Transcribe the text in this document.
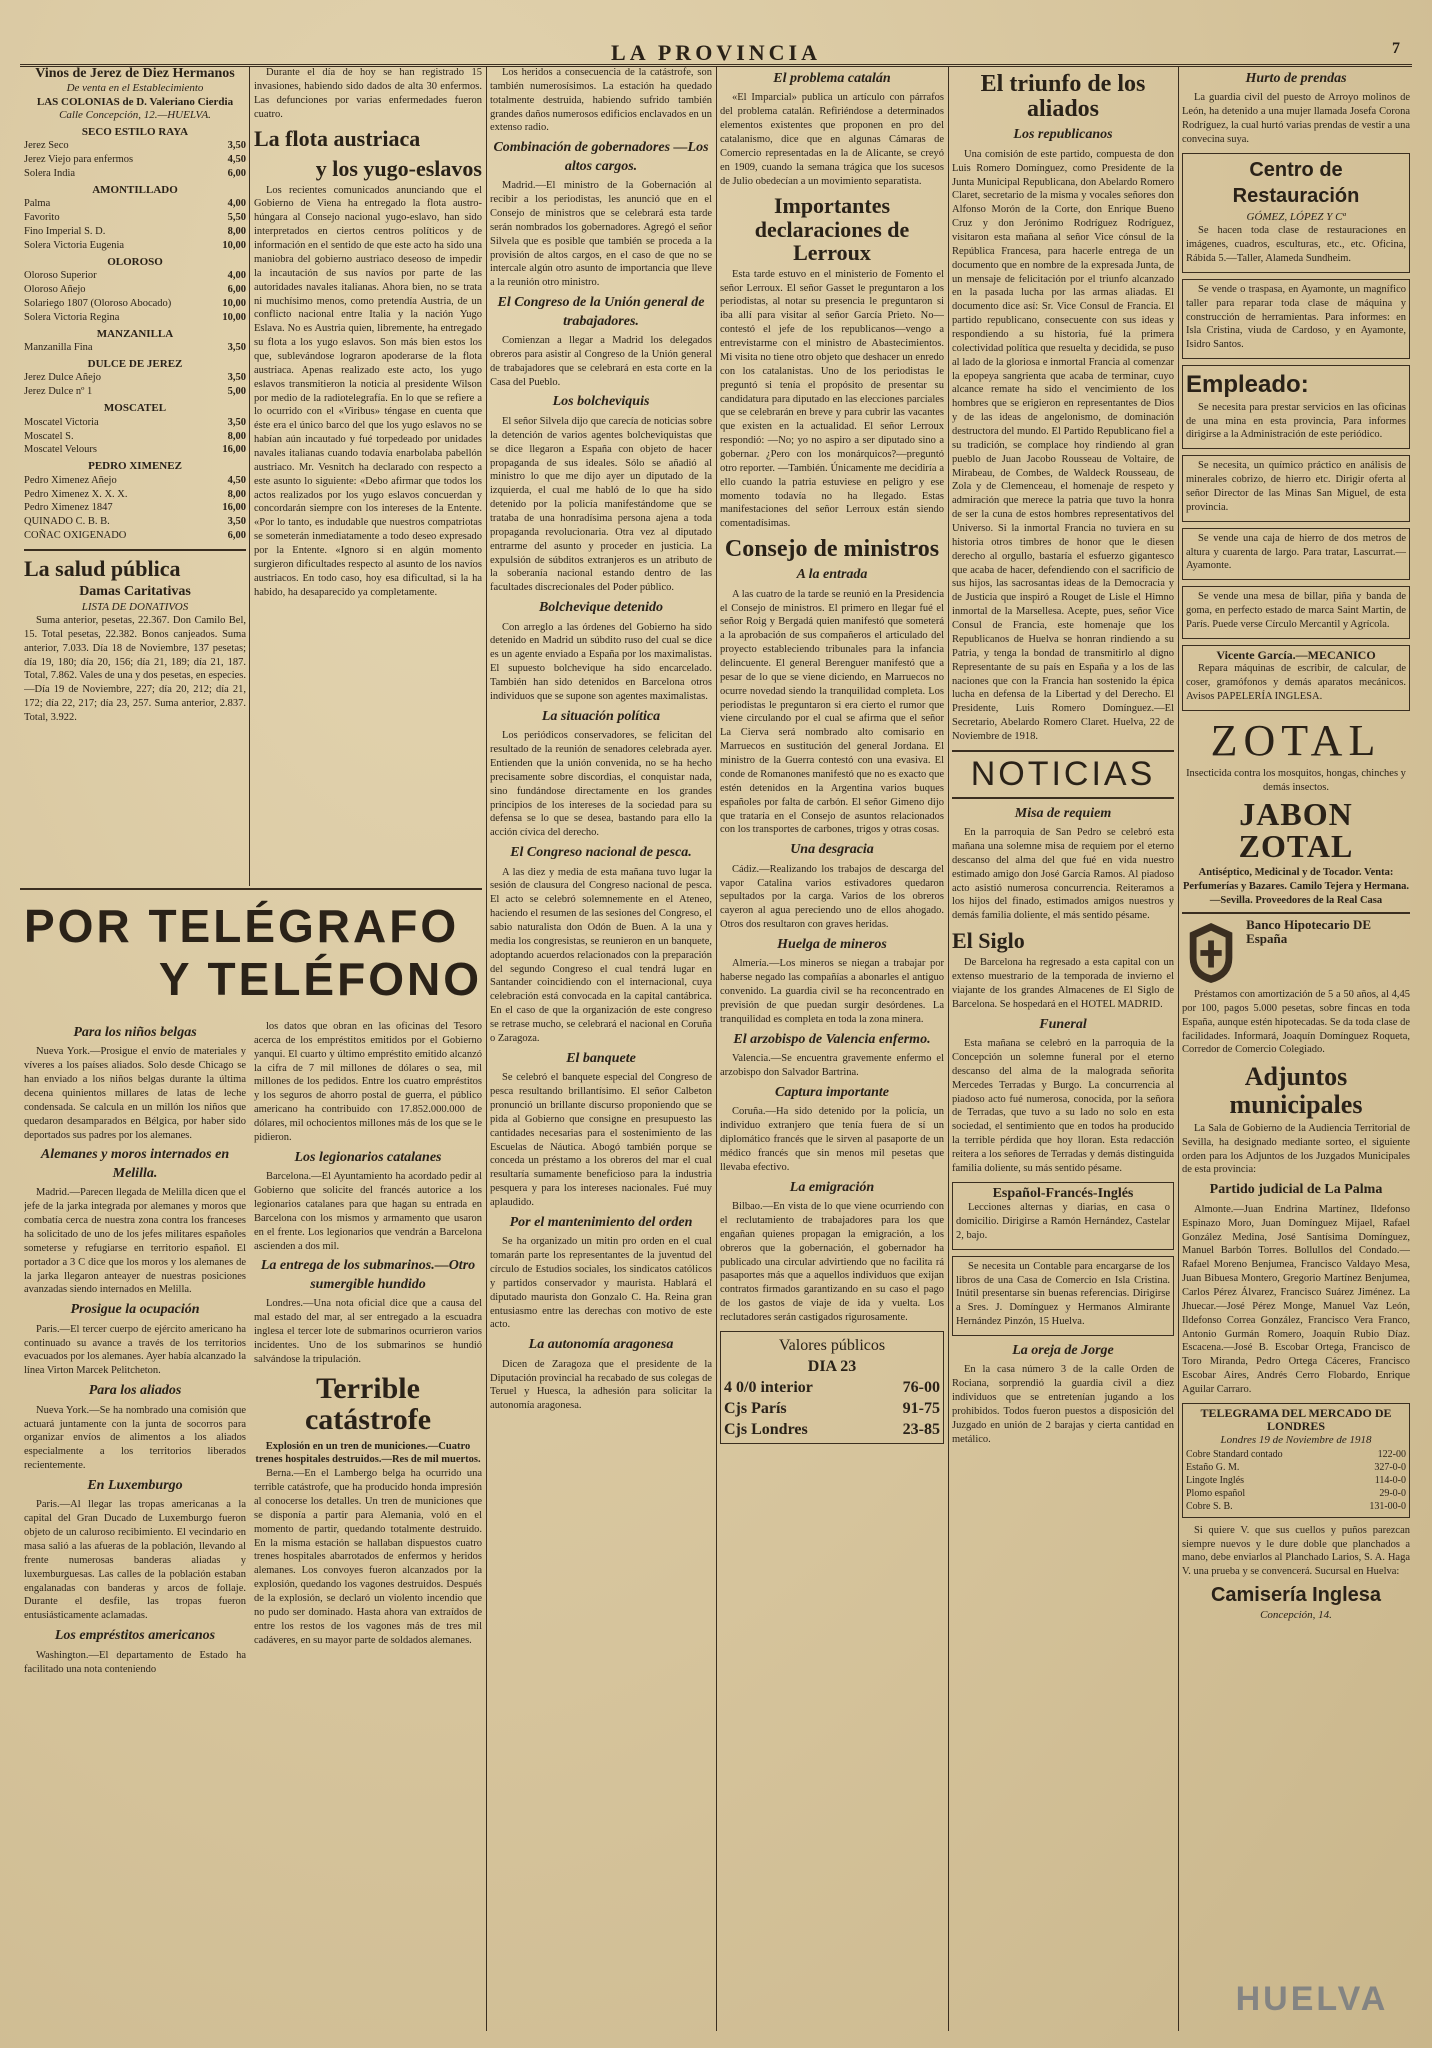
LA PROVINCIA	7
Vinos de Jerez de Diez Hermanos
De venta en el Establecimiento
LAS COLONIAS de D. Valeriano Cierdia
Calle Concepción, 12.—HUELVA.
SECO ESTILO RAYA
Jerez Seco	3,50
Jerez Viejo para enfermos	4,50
Solera India	6,00
AMONTILLADO
Palma	4,00
Favorito	5,50
Fino Imperial S. D.	8,00
Solera Victoria Eugenia	10,00
OLOROSO
Oloroso Superior	4,00
Oloroso Añejo	6,00
Solariego 1807 (Oloroso Abocado)	10,00
Solera Victoria Regina	10,00
MANZANILLA
Manzanilla Fina	3,50
DULCE DE JEREZ
Jerez Dulce Añejo	3,50
Jerez Dulce nº 1	5,00
MOSCATEL
Moscatel Victoria	3,50
Moscatel S.	8,00
Moscatel Velours	16,00
PEDRO XIMENEZ
Pedro Ximenez Añejo	4,50
Pedro Ximenez X. X. X.	8,00
Pedro Ximenez 1847	16,00
QUINADO C. B. B.	3,50
COÑAC OXIGENADO	6,00
La salud pública
Damas Caritativas
LISTA DE DONATIVOS

Suma anterior, pesetas, 22.367. Don Camilo Bel, 15. Total pesetas, 22.382. Bonos canjeados. Suma anterior, 7.033. Día 18 de Noviembre, 137 pesetas; día 19, 180; día 20, 156; día 21, 189; día 21, 187. Total, 7.862. Vales de una y dos pesetas, en especies.—Día 19 de Noviembre, 227; día 20, 212; día 21, 172; día 22, 217; día 23, 257. Suma anterior, 2.837. Total, 3.922.

Durante el día de hoy se han registrado 15 invasiones, habiendo sido dados de alta 30 enfermos. Las defunciones por varias enfermedades fueron cuatro.

La flota austriaca
y los yugo-eslavos

Los recientes comunicados anunciando que el Gobierno de Viena ha entregado la flota austro-húngara al Consejo nacional yugo-eslavo, han sido interpretados en ciertos centros políticos y de información en el sentido de que este acto ha sido una maniobra del gobierno austriaco deseoso de impedir la incautación de sus navíos por parte de las autoridades navales italianas. Ahora bien, no se trata ni muchísimo menos, como pretendía Austria, de un conflicto nacional entre Italia y la nación Yugo Eslava. No es Austria quien, libremente, ha entregado su flota a los yugo eslavos. Son más bien estos los que, sublevándose lograron apoderarse de la flota austriaca. Apenas realizado este acto, los yugo eslavos transmitieron la noticia al presidente Wilson por medio de la radiotelegrafía. En lo que se refiere a lo ocurrido con el «Viribus» téngase en cuenta que éste era el único barco del que los yugo eslavos no se habían aún incautado y fué torpedeado por unidades navales italianas cuando todavía enarbolaba pabellón austriaco. Mr. Vesnitch ha declarado con respecto a este asunto lo siguiente: «Debo afirmar que todos los actos realizados por los yugo eslavos concuerdan y concordarán siempre con los intereses de la Entente. «Por lo tanto, es indudable que nuestros compatriotas se someterán inmediatamente a todo deseo expresado por la Entente. «Ignoro si en algún momento surgieron dificultades respecto al asunto de los navíos austriacos. En todo caso, hoy esa dificultad, si la ha habido, ha desaparecido ya completamente.

POR TELÉGRAFO
Y TELÉFONO
Para los niños belgas

Nueva York.—Prosigue el envío de materiales y víveres a los países aliados. Solo desde Chicago se han enviado a los niños belgas durante la última decena quinientos millares de latas de leche condensada. Se calcula en un millón los niños que quedaron desamparados en Bélgica, por haber sido deportados sus padres por los alemanes.

Alemanes y moros internados en Melilla.

Madrid.—Parecen llegada de Melilla dicen que el jefe de la jarka integrada por alemanes y moros que combatía cerca de nuestra zona contra los franceses ha solicitado de uno de los jefes militares españoles someterse y refugiarse en territorio español. El portador a 3 C dice que los moros y los alemanes de la jarka llegaron anteayer de nuestras posiciones avanzadas siendo internados en Melilla.

Prosigue la ocupación

Paris.—El tercer cuerpo de ejército americano ha continuado su avance a través de los territorios evacuados por los alemanes. Ayer había alcanzado la línea Virton Marcek Pelitcheton.

Para los aliados

Nueva York.—Se ha nombrado una comisión que actuará juntamente con la junta de socorros para organizar envíos de alimentos a los aliados especialmente a los territorios liberados recientemente.

En Luxemburgo

Paris.—Al llegar las tropas americanas a la capital del Gran Ducado de Luxemburgo fueron objeto de un caluroso recibimiento. El vecindario en masa salió a las afueras de la población, llevando al frente numerosas banderas aliadas y luxemburguesas. Las calles de la población estaban engalanadas con banderas y arcos de follaje. Durante el desfile, las tropas fueron entusiásticamente aclamadas.

Los empréstitos americanos

Washington.—El departamento de Estado ha facilitado una nota conteniendo

los datos que obran en las oficinas del Tesoro acerca de los empréstitos emitidos por el Gobierno yanqui. El cuarto y último empréstito emitido alcanzó la cifra de 7 mil millones de dólares o sea, mil millones de los pedidos. Entre los cuatro empréstitos y los seguros de ahorro postal de guerra, el público americano ha contribuido con 17.852.000.000 de dólares, mil ochocientos millones más de los que se le pidieron.

Los legionarios catalanes

Barcelona.—El Ayuntamiento ha acordado pedir al Gobierno que solicite del francés autorice a los legionarios catalanes para que hagan su entrada en Barcelona con los mismos y armamento que usaron en el frente. Los legionarios que vendrán a Barcelona ascienden a dos mil.

La entrega de los submarinos.—Otro sumergible hundido

Londres.—Una nota oficial dice que a causa del mal estado del mar, al ser entregado a la escuadra inglesa el tercer lote de submarinos ocurrieron varios incidentes. Uno de los submarinos se hundió salvándose la tripulación.

Terrible catástrofe
Explosión en un tren de municiones.—Cuatro trenes hospitales destruidos.—Res de mil muertos.

Berna.—En el Lambergo belga ha ocurrido una terrible catástrofe, que ha producido honda impresión al conocerse los detalles. Un tren de municiones que se disponía a partir para Alemania, voló en el momento de partir, quedando totalmente destruido. En la misma estación se hallaban dispuestos cuatro trenes hospitales abarrotados de enfermos y heridos alemanes. Los convoyes fueron alcanzados por la explosión, quedando los vagones destruidos. Después de la explosión, se declaró un violento incendio que no pudo ser dominado. Hasta ahora van extraídos de entre los restos de los vagones más de tres mil cadáveres, en su mayor parte de soldados alemanes.

Los heridos a consecuencia de la catástrofe, son también numerosísimos. La estación ha quedado totalmente destruida, habiendo sufrido también grandes daños numerosos edificios enclavados en un extenso radio.

Combinación de gobernadores —Los altos cargos.

Madrid.—El ministro de la Gobernación al recibir a los periodistas, les anunció que en el Consejo de ministros que se celebrará esta tarde serán nombrados los gobernadores. Agregó el señor Silvela que es posible que también se proceda a la provisión de altos cargos, en el caso de que no se intercale algún otro asunto de importancia que lleve a la reunión otro ministro.

El Congreso de la Unión general de trabajadores.

Comienzan a llegar a Madrid los delegados obreros para asistir al Congreso de la Unión general de trabajadores que se celebrará en esta corte en la Casa del Pueblo.

Los bolcheviquis

El señor Silvela dijo que carecía de noticias sobre la detención de varios agentes bolcheviquistas que se dice llegaron a España con objeto de hacer propaganda de sus ideales. Sólo se añadió al ministro lo que me dijo ayer un diputado de la izquierda, el cual me habló de lo que ha sido detenido por la policía manifestándome que se trataba de una honradísima persona ajena a toda propaganda revolucionaria. Otra vez al diputado entrarme del asunto y proceder en justicia. La expulsión de súbditos extranjeros es un atributo de la soberanía nacional estando dentro de las facultades discrecionales del Poder público.

Bolchevique detenido

Con arreglo a las órdenes del Gobierno ha sido detenido en Madrid un súbdito ruso del cual se dice es un agente enviado a España por los maximalistas. El supuesto bolchevique ha sido encarcelado. También han sido detenidos en Barcelona otros individuos que se supone son agentes maximalistas.

La situación política

Los periódicos conservadores, se felicitan del resultado de la reunión de senadores celebrada ayer. Entienden que la unión convenida, no se ha hecho precisamente sobre discordias, el conquistar nada, sino fundándose directamente en los grandes principios de los intereses de la sociedad para su defensa se lo que se desea, bastando para ello la acción cívica del derecho.

El Congreso nacional de pesca.

A las diez y media de esta mañana tuvo lugar la sesión de clausura del Congreso nacional de pesca. El acto se celebró solemnemente en el Ateneo, haciendo el resumen de las sesiones del Congreso, el sabio naturalista don Odón de Buen. A la una y media los congresistas, se reunieron en un banquete, adoptando acuerdos relacionados con la preparación del segundo Congreso el cual tendrá lugar en Santander coincidiendo con el internacional, cuya celebración está convocada en la capital cantábrica. En el caso de que la organización de este congreso se retrase mucho, se celebrará el nacional en Coruña o Zaragoza.

El banquete

Se celebró el banquete especial del Congreso de pesca resultando brillantísimo. El señor Calbeton pronunció un brillante discurso proponiendo que se pida al Gobierno que consigne en presupuesto las cantidades necesarias para el sostenimiento de las Escuelas de Náutica. Abogó también porque se conceda un préstamo a los obreros del mar el cual resultaría sumamente beneficioso para la industria pesquera y para los intereses nacionales. Fué muy aplaudido.

Por el mantenimiento del orden

Se ha organizado un mitin pro orden en el cual tomarán parte los representantes de la juventud del círculo de Estudios sociales, los sindicatos católicos y partidos conservador y maurista. Hablará el diputado maurista don Gonzalo C. Ha. Reina gran entusiasmo entre las derechas con motivo de este acto.

La autonomía aragonesa

Dicen de Zaragoza que el presidente de la Diputación provincial ha recabado de sus colegas de Teruel y Huesca, la adhesión para solicitar la autonomía aragonesa.

El problema catalán

«El Imparcial» publica un artículo con párrafos del problema catalán. Refiriéndose a determinados elementos existentes que proponen en pro del catalanismo, dice que en algunas Cámaras de Comercio representadas en la de Alicante, se creyó en 1909, cuando la semana trágica que los sucesos de Julio obedecían a un movimiento separatista.

Importantes declaraciones de Lerroux

Esta tarde estuvo en el ministerio de Fomento el señor Lerroux. El señor Gasset le preguntaron a los periodistas, al notar su presencia le preguntaron si iba allí para visitar al señor García Prieto. No—contestó el jefe de los republicanos—vengo a entrevistarme con el ministro de Abastecimientos. Mi visita no tiene otro objeto que deshacer un enredo con los catalanistas. Uno de los periodistas le preguntó si tenía el propósito de presentar su candidatura para diputado en las elecciones parciales que se celebrarán en breve y para cubrir las vacantes que existen en la actualidad. El señor Lerroux respondió: —No; yo no aspiro a ser diputado sino a gobernar. ¿Pero con los monárquicos?—preguntó otro reporter. —También. Únicamente me decidiría a ello cuando la patria estuviese en peligro y ese momento todavía no ha llegado. Estas manifestaciones del señor Lerroux están siendo comentadísimas.

Consejo de ministros
A la entrada

A las cuatro de la tarde se reunió en la Presidencia el Consejo de ministros. El primero en llegar fué el señor Roig y Bergadá quien manifestó que someterá a la aprobación de sus compañeros el articulado del proyecto estableciendo tribunales para la infancia delincuente. El general Berenguer manifestó que a pesar de lo que se viene diciendo, en Marruecos no ocurre novedad siendo la tranquilidad completa. Los periodistas le preguntaron si era cierto el rumor que viene circulando por el cual se afirma que el señor La Cierva será nombrado alto comisario en Marruecos en sustitución del general Jordana. El ministro de la Guerra contestó con una evasiva. El conde de Romanones manifestó que no es exacto que estén detenidos en la Argentina varios buques españoles por falta de carbón. El señor Gimeno dijo que trataría en el Consejo de asuntos relacionados con los transportes de carbones, trigos y otras cosas.

Una desgracia

Cádiz.—Realizando los trabajos de descarga del vapor Catalina varios estivadores quedaron sepultados por la carga. Varios de los obreros cayeron al agua pereciendo uno de ellos ahogado. Otros dos resultaron con graves heridas.

Huelga de mineros

Almería.—Los mineros se niegan a trabajar por haberse negado las compañías a abonarles el antiguo convenido. La guardia civil se ha reconcentrado en previsión de que puedan surgir desórdenes. La tranquilidad es completa en toda la zona minera.

El arzobispo de Valencia enfermo.

Valencia.—Se encuentra gravemente enfermo el arzobispo don Salvador Bartrina.

Captura importante

Coruña.—Ha sido detenido por la policía, un individuo extranjero que tenía fuera de sí un diplomático francés que le sirven al pasaporte de un médico francés que sin menos mil pesetas que llevaba efectivo.

La emigración

Bilbao.—En vista de lo que viene ocurriendo con el reclutamiento de trabajadores para los que engañan quienes propagan la emigración, a los obreros que la gobernación, el gobernador ha publicado una circular advirtiendo que no facilita rá pasaportes más que a aquellos individuos que exijan contratos firmados garantizando en su caso el pago de los gastos de viaje de ida y vuelta. Los reclutadores serán castigados rigurosamente.

Valores públicos
DIA 23
4 0/0 interior	76-00
Cjs París	91-75
Cjs Londres	23-85
El triunfo de los aliados
Los republicanos

Una comisión de este partido, compuesta de don Luis Romero Domínguez, como Presidente de la Junta Municipal Republicana, don Abelardo Romero Claret, secretario de la misma y vocales señores don Alfonso Morón de la Corte, don Enrique Bueno Cruz y don Jerónimo Rodríguez Rodríguez, visitaron esta mañana al señor Vice cónsul de la República Francesa, para hacerle entrega de un documento que en nombre de la expresada Junta, de un mensaje de felicitación por el triunfo alcanzado en la pasada lucha por las armas aliadas. El documento dice así: Sr. Vice Consul de Francia. El partido republicano, consecuente con sus ideas y respondiendo a su historia, fué la primera colectividad política que resuelta y decidida, se puso al lado de la gloriosa e inmortal Francia al comenzar la epopeya sangrienta que acaba de terminar, cuyo alcance remate ha sido el vencimiento de los hombres que se erigieron en representantes de Dios y de las ideas de angelonismo, de dominación destructora del mundo. El Partido Republicano fiel a su tradición, se complace hoy rindiendo al gran pueblo de Juan Jacobo Rousseau de Voltaire, de Mirabeau, de Combes, de Waldeck Rousseau, de Zola y de Clemenceau, el homenaje de respeto y admiración que merece la patria que tuvo la honra de ser la cuna de estos hombres representativos del Universo. Si la inmortal Francia no tuviera en su historia otros timbres de honor que le diesen derecho al orgullo, bastaría el esfuerzo gigantesco que acaba de hacer, defendiendo con el sacrificio de sus hijos, las sacrosantas ideas de la Democracia y de Justicia que inspiró a Rouget de Lisle el Himno inmortal de la Marsellesa. Acepte, pues, señor Vice Consul de Francia, este homenaje que los Republicanos de Huelva se honran rindiendo a su Patria, y tenga la bondad de transmitirlo al digno Representante de su país en España y a los de las naciones que con la Francia han sostenido la épica lucha en defensa de la Libertad y del Derecho. El Presidente, Luis Romero Domínguez.—El Secretario, Abelardo Romero Claret. Huelva, 22 de Noviembre de 1918.

NOTICIAS
Misa de requiem

En la parroquia de San Pedro se celebró esta mañana una solemne misa de requiem por el eterno descanso del alma del que fué en vida nuestro estimado amigo don José García Ramos. Al piadoso acto asistió numerosa concurrencia. Reiteramos a los hijos del finado, estimados amigos nuestros y demás familia doliente, el más sentido pésame.

El Siglo

De Barcelona ha regresado a esta capital con un extenso muestrario de la temporada de invierno el viajante de los grandes Almacenes de El Siglo de Barcelona. Se hospedará en el HOTEL MADRID.

Funeral

Esta mañana se celebró en la parroquia de la Concepción un solemne funeral por el eterno descanso del alma de la malograda señorita Mercedes Terradas y Burgo. La concurrencia al piadoso acto fué numerosa, conocida, por la señora de Terradas, que tuvo a su lado no solo en esta sociedad, el sentimiento que en todos ha producido la terrible pérdida que hoy lloran. Esta redacción reitera a los señores de Terradas y demás distinguida familia doliente, su más sentido pésame.

Español-Francés-Inglés

Lecciones alternas y diarias, en casa o domicilio. Dirigirse a Ramón Hernández, Castelar 2, bajo.

Se necesita un Contable para encargarse de los libros de una Casa de Comercio en Isla Cristina. Inútil presentarse sin buenas referencias. Dirigirse a Sres. J. Domínguez y Hermanos Almirante Hernández Pinzón, 15 Huelva.

La oreja de Jorge

En la casa número 3 de la calle Orden de Rociana, sorprendió la guardia civil a diez individuos que se entretenían jugando a los prohibidos. Todos fueron puestos a disposición del Juzgado en unión de 2 barajas y cierta cantidad en metálico.

Hurto de prendas

La guardia civil del puesto de Arroyo molinos de León, ha detenido a una mujer llamada Josefa Corona Rodríguez, la cual hurtó varias prendas de vestir a una convecina suya.

Centro de Restauración
GÓMEZ, LÓPEZ Y Cª

Se hacen toda clase de restauraciones en imágenes, cuadros, esculturas, etc., etc. Oficina, Rábida 5.—Taller, Alameda Sundheim.

Se vende o traspasa, en Ayamonte, un magnífico taller para reparar toda clase de máquina y construcción de herramientas. Para informes: en Isla Cristina, viuda de Cardoso, y en Ayamonte, Isidro Santos.

Empleado:

Se necesita para prestar servicios en las oficinas de una mina en esta provincia, Para informes dirigirse a la Administración de este periódico.

Se necesita, un químico práctico en análisis de minerales cobrizo, de hierro etc. Dirigir oferta al señor Director de las Minas San Miguel, de esta provincia.

Se vende una caja de hierro de dos metros de altura y cuarenta de largo. Para tratar, Lascurrat.—Ayamonte.

Se vende una mesa de billar, piña y banda de goma, en perfecto estado de marca Saint Martin, de París. Puede verse Círculo Mercantil y Agrícola.

Vicente García.—MECANICO

Repara máquinas de escribir, de calcular, de coser, gramófonos y demás aparatos mecánicos. Avisos PAPELERÍA INGLESA.

ZOTAL

Insecticida contra los mosquitos, hongas, chinches y demás insectos.

JABON ZOTAL

Antiséptico, Medicinal y de Tocador. Venta: Perfumerías y Bazares. Camilo Tejera y Hermana.—Sevilla. Proveedores de la Real Casa

Banco Hipotecario DE España

Préstamos con amortización de 5 a 50 años, al 4,45 por 100, pagos 5.000 pesetas, sobre fincas en toda España, aunque estén hipotecadas. Se da toda clase de facilidades. Informará, Joaquín Domínguez Roqueta, Corredor de Comercio Colegiado.

Adjuntos municipales

La Sala de Gobierno de la Audiencia Territorial de Sevilla, ha designado mediante sorteo, el siguiente orden para los Adjuntos de los Juzgados Municipales de esta provincia:

Partido judicial de La Palma

Almonte.—Juan Endrina Martínez, Ildefonso Espinazo Moro, Juan Domínguez Mijael, Rafael González Medina, José Santísima Domínguez, Manuel Barbón Torres. Bollullos del Condado.—Rafael Moreno Benjumea, Francisco Valdayo Mesa, Juan Bibuesa Montero, Gregorio Martínez Benjumea, Carlos Pérez Álvarez, Francisco Suárez Jiménez. La Jhuecar.—José Pérez Monge, Manuel Vaz León, Ildefonso Correa González, Francisco Vera Franco, Antonio Gurmán Romero, Joaquín Rubio Díaz. Escacena.—José B. Escobar Ortega, Francisco de Toro Miranda, Pedro Ortega Cáceres, Francisco Escobar Aires, Andrés Cerro Flobardo, Enrique Aguilar Carraro.

TELEGRAMA DEL MERCADO DE LONDRES
Londres 19 de Noviembre de 1918
Cobre Standard contado	122-00
Estaño G. M.	327-0-0
Lingote Inglés	114-0-0
Plomo español	29-0-0
Cobre S. B.	131-00-0

Si quiere V. que sus cuellos y puños parezcan siempre nuevos y le dure doble que planchados a mano, debe enviarlos al Planchado Larios, S. A. Haga V. una prueba y se convencerá. Sucursal en Huelva:

Camisería Inglesa
Concepción, 14.
HUELVA
